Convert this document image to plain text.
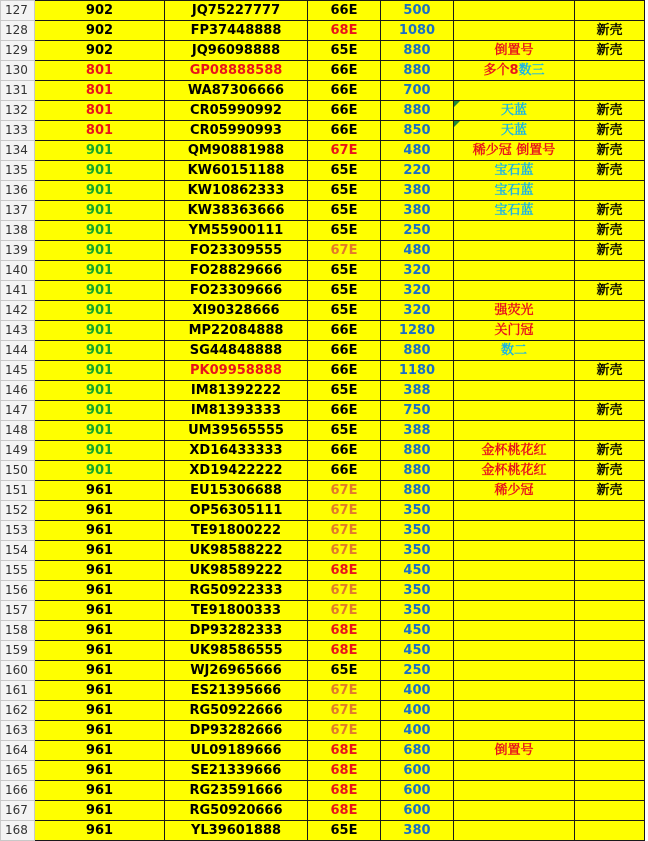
127	902	JQ75227777	66E	500		
128	902	FP37448888	68E	1080		新壳
129	902	JQ96098888	65E	880	倒置号	新壳
130	801	GP08888588	66E	880	多个8数三	
131	801	WA87306666	66E	700		
132	801	CR05990992	66E	880	天蓝	新壳
133	801	CR05990993	66E	850	天蓝	新壳
134	901	QM90881988	67E	480	稀少冠 倒置号	新壳
135	901	KW60151188	65E	220	宝石蓝	新壳
136	901	KW10862333	65E	380	宝石蓝	
137	901	KW38363666	65E	380	宝石蓝	新壳
138	901	YM55900111	65E	250		新壳
139	901	FO23309555	67E	480		新壳
140	901	FO28829666	65E	320		
141	901	FO23309666	65E	320		新壳
142	901	XI90328666	65E	320	强荧光	
143	901	MP22084888	66E	1280	关门冠	
144	901	SG44848888	66E	880	数二	
145	901	PK09958888	66E	1180		新壳
146	901	IM81392222	65E	388		
147	901	IM81393333	66E	750		新壳
148	901	UM39565555	65E	388		
149	901	XD16433333	66E	880	金杯桃花红	新壳
150	901	XD19422222	66E	880	金杯桃花红	新壳
151	961	EU15306688	67E	880	稀少冠	新壳
152	961	OP56305111	67E	350		
153	961	TE91800222	67E	350		
154	961	UK98588222	67E	350		
155	961	UK98589222	68E	450		
156	961	RG50922333	67E	350		
157	961	TE91800333	67E	350		
158	961	DP93282333	68E	450		
159	961	UK98586555	68E	450		
160	961	WJ26965666	65E	250		
161	961	ES21395666	67E	400		
162	961	RG50922666	67E	400		
163	961	DP93282666	67E	400		
164	961	UL09189666	68E	680	倒置号	
165	961	SE21339666	68E	600		
166	961	RG23591666	68E	600		
167	961	RG50920666	68E	600		
168	961	YL39601888	65E	380		
